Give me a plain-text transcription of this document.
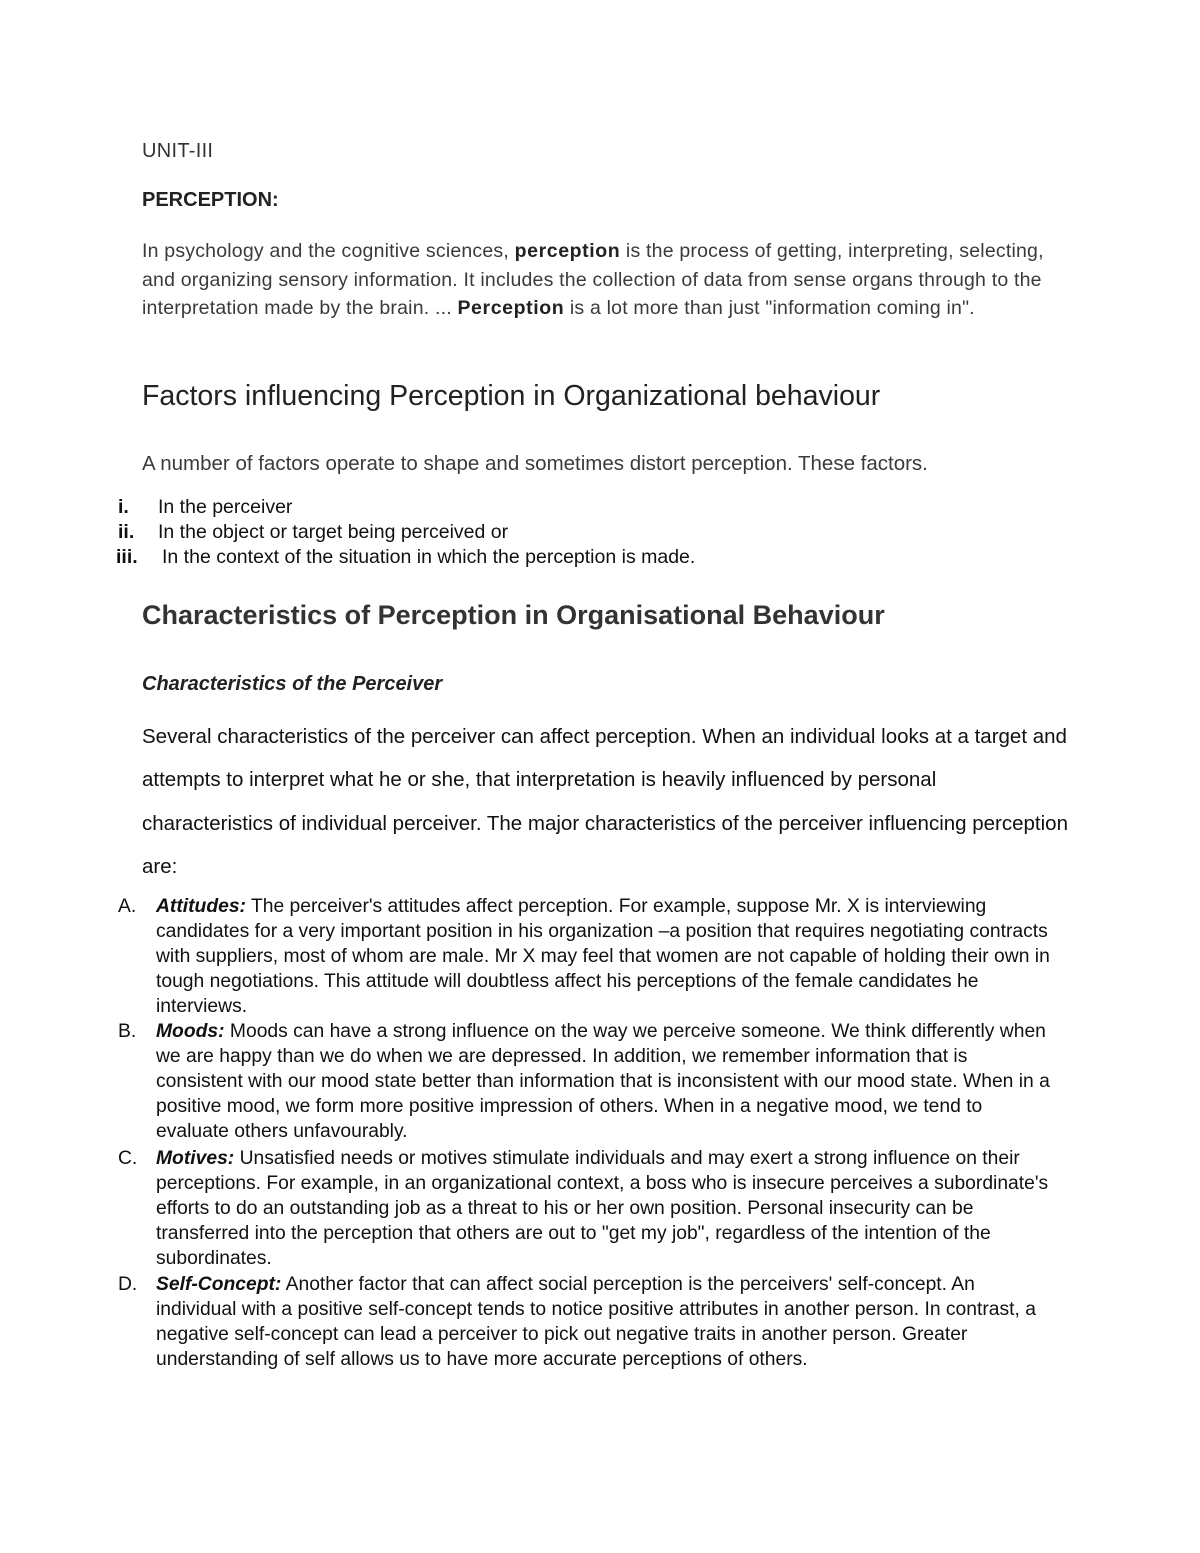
UNIT-III

PERCEPTION:

In psychology and the cognitive sciences, perception is the process of getting, interpreting, selecting, and organizing sensory information. It includes the collection of data from sense organs through to the interpretation made by the brain. ... Perception is a lot more than just "information coming in".

Factors influencing Perception in Organizational behaviour

A number of factors operate to shape and sometimes distort perception. These factors.

i. In the perceiver
ii. In the object or target being perceived or
iii. In the context of the situation in which the perception is made.
Characteristics of Perception in Organisational Behaviour

Characteristics of the Perceiver

Several characteristics of the perceiver can affect perception. When an individual looks at a target and attempts to interpret what he or she, that interpretation is heavily influenced by personal characteristics of individual perceiver. The major characteristics of the perceiver influencing perception are:

A. Attitudes: The perceiver's attitudes affect perception. For example, suppose Mr. X is interviewing candidates for a very important position in his organization –a position that requires negotiating contracts with suppliers, most of whom are male. Mr X may feel that women are not capable of holding their own in tough negotiations. This attitude will doubtless affect his perceptions of the female candidates he interviews.
B. Moods: Moods can have a strong influence on the way we perceive someone. We think differently when we are happy than we do when we are depressed. In addition, we remember information that is consistent with our mood state better than information that is inconsistent with our mood state. When in a positive mood, we form more positive impression of others. When in a negative mood, we tend to evaluate others unfavourably.
C. Motives: Unsatisfied needs or motives stimulate individuals and may exert a strong influence on their perceptions. For example, in an organizational context, a boss who is insecure perceives a subordinate's efforts to do an outstanding job as a threat to his or her own position. Personal insecurity can be transferred into the perception that others are out to "get my job", regardless of the intention of the subordinates.
D. Self-Concept: Another factor that can affect social perception is the perceivers' self-concept. An individual with a positive self-concept tends to notice positive attributes in another person. In contrast, a negative self-concept can lead a perceiver to pick out negative traits in another person. Greater understanding of self allows us to have more accurate perceptions of others.
